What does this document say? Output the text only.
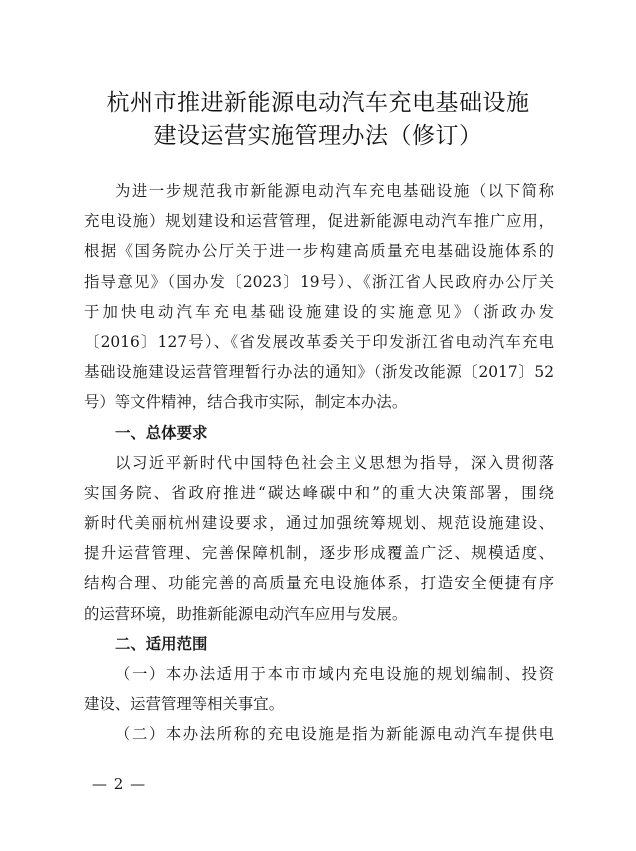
杭州市推进新能源电动汽车充电基础设施
建设运营实施管理办法（修订）
为进一步规范我市新能源电动汽车充电基础设施（以下简称
充电设施）规划建设和运营管理，促进新能源电动汽车推广应用，
根据《国务院办公厅关于进一步构建高质量充电基础设施体系的
指导意见》（国办发〔2023〕19号）、《浙江省人民政府办公厅关
于加快电动汽车充电基础设施建设的实施意见》（浙政办发
〔2016〕127号）、《省发展改革委关于印发浙江省电动汽车充电
基础设施建设运营管理暂行办法的通知》（浙发改能源〔2017〕52
号）等文件精神，结合我市实际，制定本办法。
一、总体要求
以习近平新时代中国特色社会主义思想为指导，深入贯彻落
实国务院、省政府推进“碳达峰碳中和”的重大决策部署，围绕
新时代美丽杭州建设要求，通过加强统筹规划、规范设施建设、
提升运营管理、完善保障机制，逐步形成覆盖广泛、规模适度、
结构合理、功能完善的高质量充电设施体系，打造安全便捷有序
的运营环境，助推新能源电动汽车应用与发展。
二、适用范围
（一）本办法适用于本市市域内充电设施的规划编制、投资
建设、运营管理等相关事宜。
（二）本办法所称的充电设施是指为新能源电动汽车提供电
— 2 —
